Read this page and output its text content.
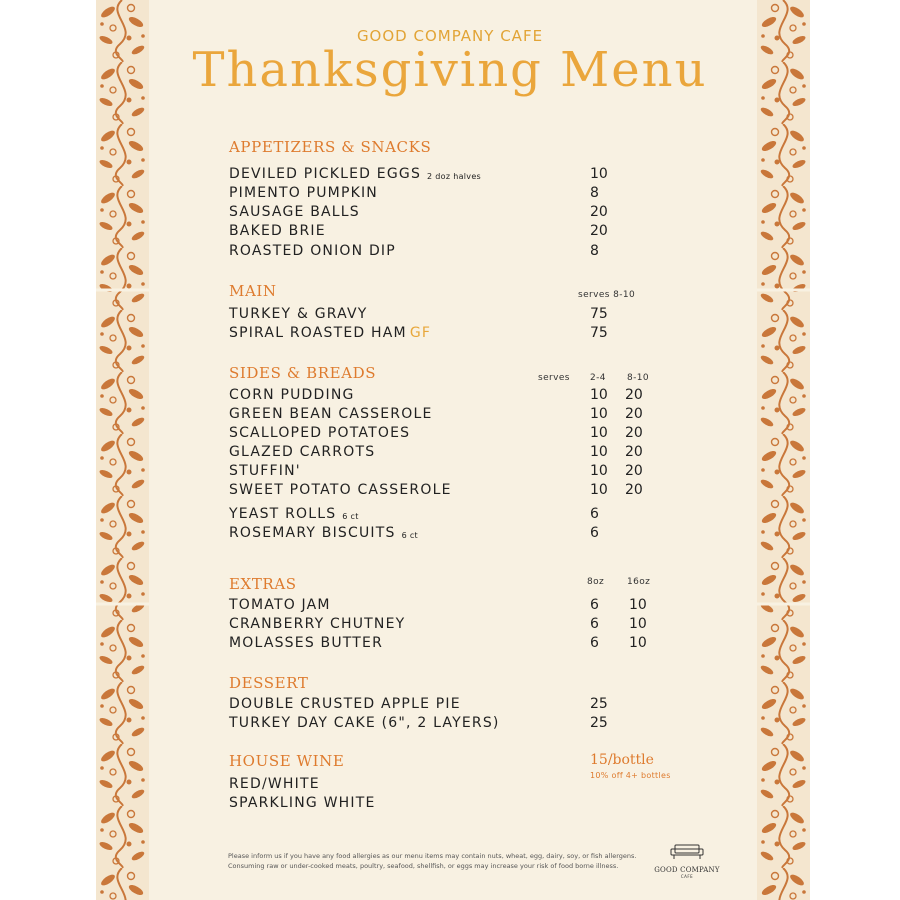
GOOD COMPANY CAFE
Thanksgiving Menu
APPETIZERS & SNACKS
DEVILED PICKLED EGGS 2 doz halves	10
PIMENTO PUMPKIN	8
SAUSAGE BALLS	20
BAKED BRIE	20
ROASTED ONION DIP	8
MAIN	serves 8-10
TURKEY & GRAVY	75
SPIRAL ROASTED HAM GF	75
SIDES & BREADS	serves 2-4 8-10
CORN PUDDING	10 20
GREEN BEAN CASSEROLE	10 20
SCALLOPED POTATOES	10 20
GLAZED CARROTS	10 20
STUFFIN'	10 20
SWEET POTATO CASSEROLE	10 20
YEAST ROLLS 6 ct	6
ROSEMARY BISCUITS 6 ct	6
EXTRAS	8oz	16oz
TOMATO JAM	6 10
CRANBERRY CHUTNEY	6 10
MOLASSES BUTTER	6 10
DESSERT
DOUBLE CRUSTED APPLE PIE	25
TURKEY DAY CAKE (6", 2 LAYERS)	25
HOUSE WINE	15/bottle
10% off 4+ bottles
RED/WHITE
SPARKLING WHITE
Please inform us if you have any food allergies as our menu items may contain nuts, wheat, egg, dairy, soy, or fish allergens.
Consuming raw or under-cooked meats, poultry, seafood, shellfish, or eggs may increase your risk of food borne illness.	GOOD COMPANY
CAFE
